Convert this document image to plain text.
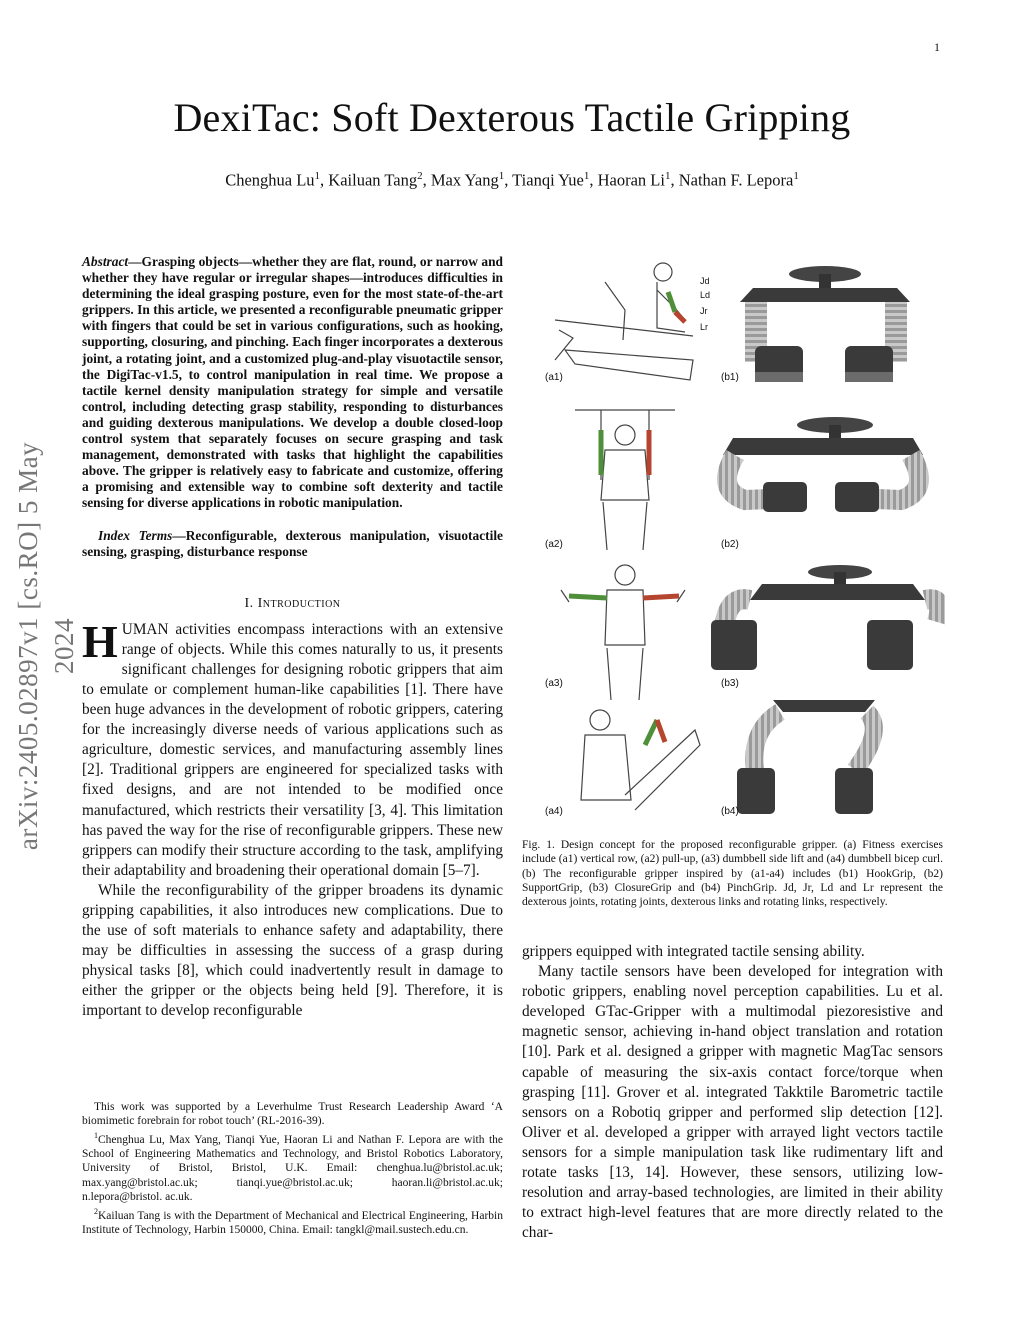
1
DexiTac: Soft Dexterous Tactile Gripping
Chenghua Lu$^1$, Kailuan Tang$^2$, Max Yang$^1$, Tianqi Yue$^1$, Haoran Li$^1$, Nathan F. Lepora$^1$
arXiv:2405.02897v1 [cs.RO] 5 May 2024

Abstract—Grasping objects—whether they are flat, round, or narrow and whether they have regular or irregular shapes—introduces difficulties in determining the ideal grasping posture, even for the most state-of-the-art grippers. In this article, we presented a reconfigurable pneumatic gripper with fingers that could be set in various configurations, such as hooking, supporting, closuring, and pinching. Each finger incorporates a dexterous joint, a rotating joint, and a customized plug-and-play visuotactile sensor, the DigiTac-v1.5, to control manipulation in real time. We propose a tactile kernel density manipulation strategy for simple and versatile control, including detecting grasp stability, responding to disturbances and guiding dexterous manipulations. We develop a double closed-loop control system that separately focuses on secure grasping and task management, demonstrated with tasks that highlight the capabilities above. The gripper is relatively easy to fabricate and customize, offering a promising and extensible way to combine soft dexterity and tactile sensing for diverse applications in robotic manipulation.

Index Terms—Reconfigurable, dexterous manipulation, visuotactile sensing, grasping, disturbance response

I. Introduction

HUMAN activities encompass interactions with an extensive range of objects. While this comes naturally to us, it presents significant challenges for designing robotic grippers that aim to emulate or complement human-like capabilities [1]. There have been huge advances in the development of robotic grippers, catering for the increasingly diverse needs of various applications such as agriculture, domestic services, and manufacturing assembly lines [2]. Traditional grippers are engineered for specialized tasks with fixed designs, and are not intended to be modified once manufactured, which restricts their versatility [3, 4]. This limitation has paved the way for the rise of reconfigurable grippers. These new grippers can modify their structure according to the task, amplifying their adaptability and broadening their operational domain [5–7].

While the reconfigurability of the gripper broadens its dynamic gripping capabilities, it also introduces new complications. Due to the use of soft materials to enhance safety and adaptability, there may be difficulties in assessing the success of a grasp during physical tasks [8], which could inadvertently result in damage to either the gripper or the objects being held [9]. Therefore, it is important to develop reconfigurable

This work was supported by a Leverhulme Trust Research Leadership Award ‘A biomimetic forebrain for robot touch’ (RL-2016-39).

$^1$Chenghua Lu, Max Yang, Tianqi Yue, Haoran Li and Nathan F. Lepora are with the School of Engineering Mathematics and Technology, and Bristol Robotics Laboratory, University of Bristol, Bristol, U.K. Email: chenghua.lu@bristol.ac.uk; max.yang@bristol.ac.uk; tianqi.yue@bristol.ac.uk; haoran.li@bristol.ac.uk; n.lepora@bristol. ac.uk.

$^2$Kailuan Tang is with the Department of Mechanical and Electrical Engineering, Harbin Institute of Technology, Harbin 150000, China. Email: tangkl@mail.sustech.edu.cn.

(a1)	(b1)
(a2)	(b2)
(a3)	(b3)
(a4)	(b4)
Jd
Ld
Jr
Lr
Fig. 1. Design concept for the proposed reconfigurable gripper. (a) Fitness exercises include (a1) vertical row, (a2) pull-up, (a3) dumbbell side lift and (a4) dumbbell bicep curl. (b) The reconfigurable gripper inspired by (a1-a4) includes (b1) HookGrip, (b2) SupportGrip, (b3) ClosureGrip and (b4) PinchGrip. Jd, Jr, Ld and Lr represent the dexterous joints, rotating joints, dexterous links and rotating links, respectively.

grippers equipped with integrated tactile sensing ability.

Many tactile sensors have been developed for integration with robotic grippers, enabling novel perception capabilities. Lu et al. developed GTac-Gripper with a multimodal piezoresistive and magnetic sensor, achieving in-hand object translation and rotation [10]. Park et al. designed a gripper with magnetic MagTac sensors capable of measuring the six-axis contact force/torque when grasping [11]. Grover et al. integrated Takktile Barometric tactile sensors on a Robotiq gripper and performed slip detection [12]. Oliver et al. developed a gripper with arrayed light vectors tactile sensors for a simple manipulation task like rudimentary lift and rotate tasks [13, 14]. However, these sensors, utilizing low-resolution and array-based technologies, are limited in their ability to extract high-level features that are more directly related to the char-
